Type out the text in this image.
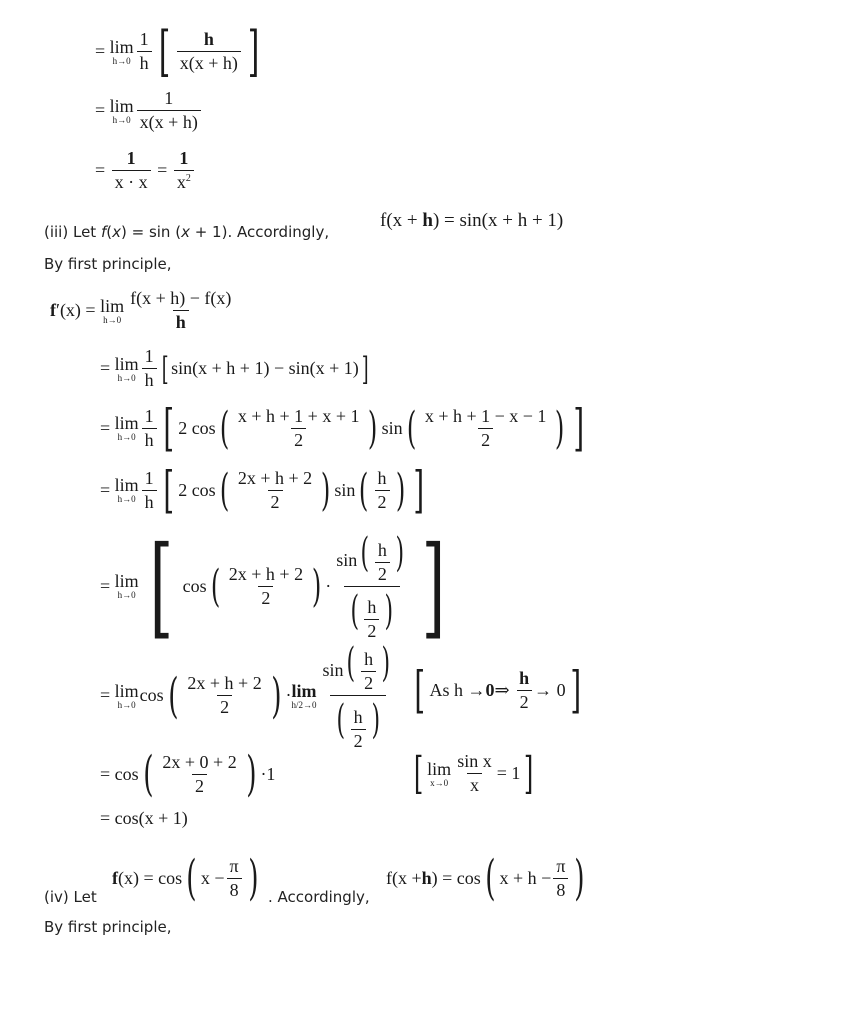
= lim
$h\to 0 \frac{1}{h}$ [ $\frac{h}{x(x + h)}$ ]
= lim
$h\to 0 \frac{1}{x(x + h)}$
= $\frac{1}{x \cdot x} = \frac{1}{x^2}$
(iii) Let f(x) = sin (x + 1). Accordingly,
f(x + h) = sin(x + h + 1)
By first principle,
f ′(x) = lim
$h\to 0 \frac{f(x + h) - f(x)}{h}$
= lim
$h\to 0 \frac{1}{h}$ [ sin(x + h + 1) − sin(x + 1) ]
= lim
$h\to 0 \frac{1}{h}$ [ 2 cos ( $\frac{x + h + 1 + x + 1}{2}$ ) sin ( $\frac{x + h + 1 - x - 1}{2}$ ) ]
= lim
$h\to 0 \frac{1}{h}$ [ 2 cos ( $\frac{2x + h + 2}{2}$ ) sin ( $\frac{h}{2}$ ) ]
= lim
h→0 [ cos ( $\frac{2x + h + 2}{2}$ ) · $\frac{\sin( \frac{h}{2} )}{( \frac{h}{2} )}$ ]
= lim
h→0 cos ( $\frac{2x + h + 2}{2}$ ) · lim
$h/2\to 0 \frac{\sin( \frac{h}{2} )}{( \frac{h}{2} )}$ [ As h → 0 ⇒ $\frac{h}{2} \to 0$ ]
= cos ( $\frac{2x + 0 + 2}{2}$ ) ·1	[ lim
$x\to 0 \frac{\text{sin x}}{x} = 1$ ]
= cos(x + 1)
(iv) Let
f (x) = cos ( $x - \frac{\pi}{8}$ ) . Accordingly,
f(x + h ) = cos ( $x + h - \frac{\pi}{8}$ )
By first principle,
